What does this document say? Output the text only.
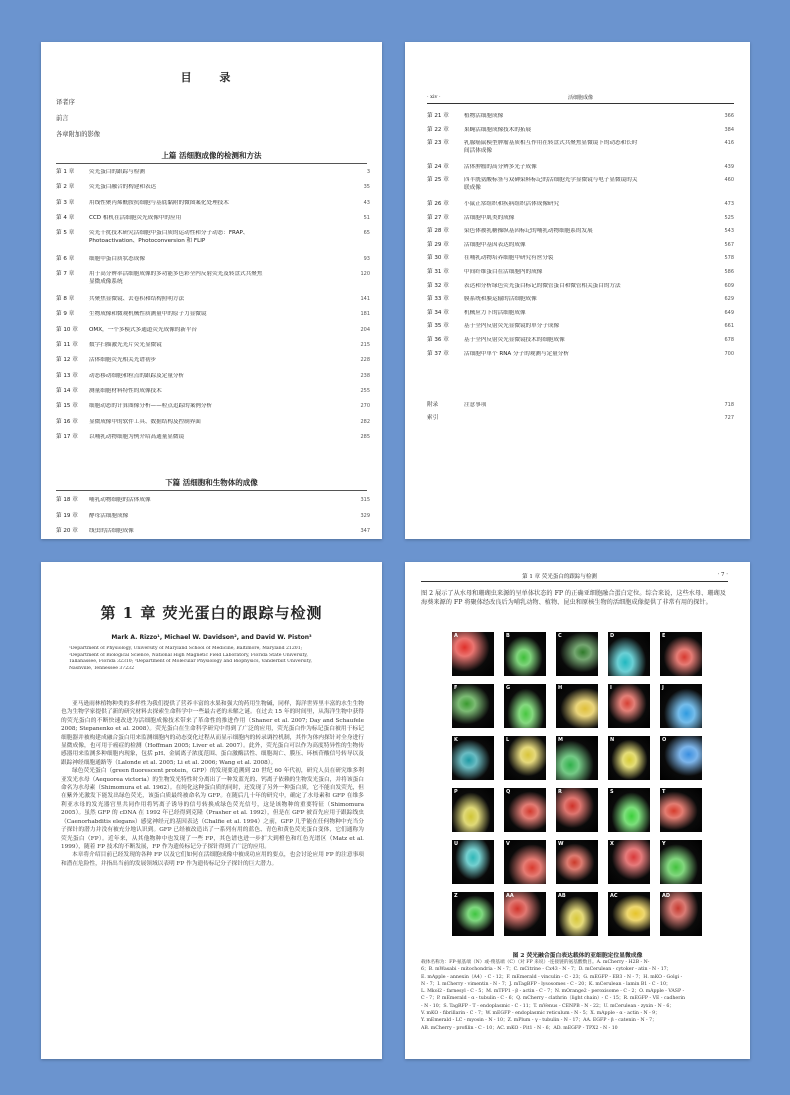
目 录
译者序
前言
各章附加的影像
上篇 活细胞成像的检测和方法
第 1 章	荧光蛋白的跟踪与检测	3
第 2 章	荧光蛋白融合的构建和表达	35
第 3 章	用线性聚丙烯酰胺抗细胞与基底黏附的微图案化处理技术	43
第 4 章	CCD 相机在活细胞荧光成像中的应用	51
第 5 章	荧光干扰技术研究活细胞中蛋白质的运动性和分子动态：FRAP、	65
Photoactivation、Photoconversion 和 FLIP
第 6 章	细胞中蛋白质状态成像	93
第 7 章	用于高分辨率活细胞成像的多功能多色彩全内反射荧光及转盘式共聚焦	120
显微成像系统
第 8 章	共聚焦显微镜、去卷积和结构照明方法	141
第 9 章	生物成像和微观机械性质测量中的原子力显微镜	181
第 10 章 OMX，一个多模式多通道荧光成像的新平台	204
第 11 章 数字扫描激光光片荧光显微镜	215
第 12 章 活体细胞荧光相关光谱初步	228
第 13 章 动态移动细胞和粒点的跟踪及定量分析	238
第 14 章 测量细胞材料特性的成像技术	255
第 15 章 细胞动态的计算图像分析——粒点追踪的案例分析	270
第 16 章 显微成像中的软件工具、数据结构及控制界面	282
第 17 章 以哺乳动物细胞为例介绍高通量显微镜	285
下篇 活细胞和生物体的成像
第 18 章 哺乳动物细胞的活体成像	315
第 19 章 酵母活细胞成像	329
第 20 章 线虫的活细胞成像	347
· xiv ·	活细胞成像
第 21 章	植物活细胞成像	366
第 22 章	果蝇活细胞成像技术的拓展	384
第 23 章	乳腺癌鼠模型肿瘤基质相互作用在转盘式共聚焦显微镜下的动态和长时	416
间活体成像
第 24 章	活体肿瘤的高分辨多光子成像	439
第 25 章	四半胱氨酸标签与双砷染料标记的活细胞光学显微镜与电子显微镜的关	460
联成像
第 26 章	小鼠正常组织和疾病组织活体成像研究	473
第 27 章	活细胞中肌类的成像	525
第 28 章	染色体被乳糖操纵基因标记的哺乳动物细胞系的发展	543
第 29 章	活细胞中基因表达的成像	567
第 30 章	在哺乳动物培养细胞中研究有丝分裂	578
第 31 章	中间纤维蛋白在活细胞内的成像	586
第 32 章	表达和分析绿色荧光蛋白标记的微管蛋白和微管相关蛋白的方法	609
第 33 章	膜系统和膜运输的活细胞成像	629
第 34 章	机械应力下的活细胞成像	649
第 35 章	基于全内反射荧光显微镜的单分子成像	661
第 36 章	基于全内反射荧光显微镜技术的细胞成像	678
第 37 章	活细胞中单个 RNA 分子的观测与定量分析	700
附录	注意事项	718
索引	727
第 1 章 荧光蛋白的跟踪与检测
Mark A. Rizzo¹, Michael W. Davidson², and David W. Piston³
¹Department of Physiology, University of Maryland School of Medicine, Baltimore, Maryland 21201;
²Department of Biological Science, National High Magnetic Field Laboratory, Florida State University,
Tallahassee, Florida 32310; ³Department of Molecular Physiology and Biophysics, Vanderbilt University,
Nashville, Tennessee 37232

亚马逊雨林植物种类的多样性为我们提供了营养丰富的水果和强大的药用生物碱，同样，海洋世界里丰富的水生生物也为生物学家提供了新的研究材料去探索生命科学中一些最古老的未解之谜。在过去 15 年的时间里，从海洋生物中获得的荧光蛋白的不断快速改进为活细胞成像技术带来了革命性的推进作用（Shaner et al. 2007; Day and Schaufele 2008; Stepanenko et al. 2008）。荧光蛋白在生命科学研究中得到了广泛的应用，荧光蛋白作为标记蛋白被用于标记细胞器并被构建成融合蛋白用来监测细胞内的动态变化过程从而显示细胞内的转录调控机制，其作为体内探针对全身进行显微成像，也可用于癌症的检测（Hoffman 2005; Liver et al. 2007）。此外，荧光蛋白可以作为高度特异性的生物传感器用来监测多种细胞内现象，包括 pH、金属离子浓度范围、蛋白激酶活性、细胞凋亡、膜压、环核苷酸信号转导以及跟踪神经细胞通路等（Lalonde et al. 2005; Li et al. 2006; Wang et al. 2008）。

绿色荧光蛋白（green fluorescent protein，GFP）的发现要追溯到 20 世纪 60 年代初，研究人员在研究维多利亚发光水母（Aequorea victoria）的生物发光特性时分离出了一种发蓝光的、钙离子依赖的生物发光蛋白，并将该蛋白命名为水母素（Shimomura et al. 1962）。在纯化这种蛋白质的同时，还发现了另外一种蛋白质，它不能自发荧光，但在紫外光激发下能发出绿色荧光，该蛋白质最终被命名为 GFP。在随后几十年的研究中，确定了水母素和 GFP 在维多利亚水母的发光器官里共同作用将钙离子诱导的信号转换成绿色荧光信号，这是该物种的重要特征（Shimomura 2005）。虽然 GFP 的 cDNA 在 1992 年已经得到克隆（Prasher et al. 1992），但是在 GFP 被首先应用于跟踪线虫（Caenorhabditis elegans）感觉神经元的基因表达（Chalfie et al. 1994）之前，GFP 几乎能在任何物种中充当分子探针的潜力并没有被充分地认识到。GFP 已经被改造出了一系列有用的蓝色、青色和黄色荧光蛋白变体，它们通称为荧光蛋白（FP）。近年来，从其他物种中也发现了一些 FP，其色谱也进一步扩大到橙色和红色光谱区（Matz et al. 1999），随着 FP 技术的不断发展，FP 作为遗传标记分子探针得到了广泛的应用。

本章将介绍目前已经发现的各种 FP 以及它们如何在活细胞成像中被成功应用的要点，也会讨论应用 FP 的注意事项和潜在危险性，并指出当前的发展领域以表明 FP 作为遗传标记分子探针的巨大潜力。

第 1 章 荧光蛋白的跟踪与检测	· 7 ·
图 2 展示了从水母和珊瑚虫来源的呈单体状态的 FP 的正确亚细胞融合蛋白定位。综合来说，这些水母、珊瑚及海葵来源的 FP 将聚体经改良后为哺乳动物、植物、昆虫和原核生物的活细胞成像提供了非常有用的探针。
A	B	C	D	E
F	G	H	I	J
K	L	M	N	O
P	Q	R	S	T
U	V	W	X	Y
Z	AA	AB	AC	AD
图 2 荧光融合蛋白表达载体的亚细胞定位显微成像
载体名称为：FP-氨基端（N）或-羧基端（C）（对 FP 来说）-连接链的氨基酸数目。A. mCherry - H2B - N-
6；B. mWasabi - mitochondria - N - 7；C. mCitrine - Cx43 - N - 7；D. mCerulean - cytoker - atin - N - 17；
E. mApple - annexin（A4）- C - 12；F. mEmerald - vinculin - C - 23；G. mEGFP - EB3 - N - 7；H. mKO - Golgi -
N - 7；I. mCherry - vimentin - N - 7；J. mTagBFP - lysosomes - C - 20；K. mCerulean - lamin B1 - C - 10；
L. Mkol2 - farnesyl - C - 5；M. mTFP1 - β - actin - C - 7；N. mOrange2 - peroxisome - C - 2；O. mApple - VASP -
C - 7；P. mEmerald - α - tubulin - C - 6；Q. mCherry - clathrin（light chain）- C - 15；R. mEGFP - VE - cadherin
- N - 10；S. TagRFP - T - endoplasmic - C - 11；T. mVenus - CENPB - N - 22；U. mCerulean - zyxin - N - 6；
V. mKO - fibrillarin - C - 7；W. mEGFP - endoplasmic reticulum - N - 5；X. mApple - α - actin - N - 9；
Y. mEmerald - LC - myosin - N - 10；Z. mPlum - γ - tubulin - N - 17；AA. EGFP - β - catenin - N - 7；
AB. mCherry - profilin - C - 10；AC. mKO - Pit1 - N - 6；AD. mEGFP - TPX2 - N - 10
